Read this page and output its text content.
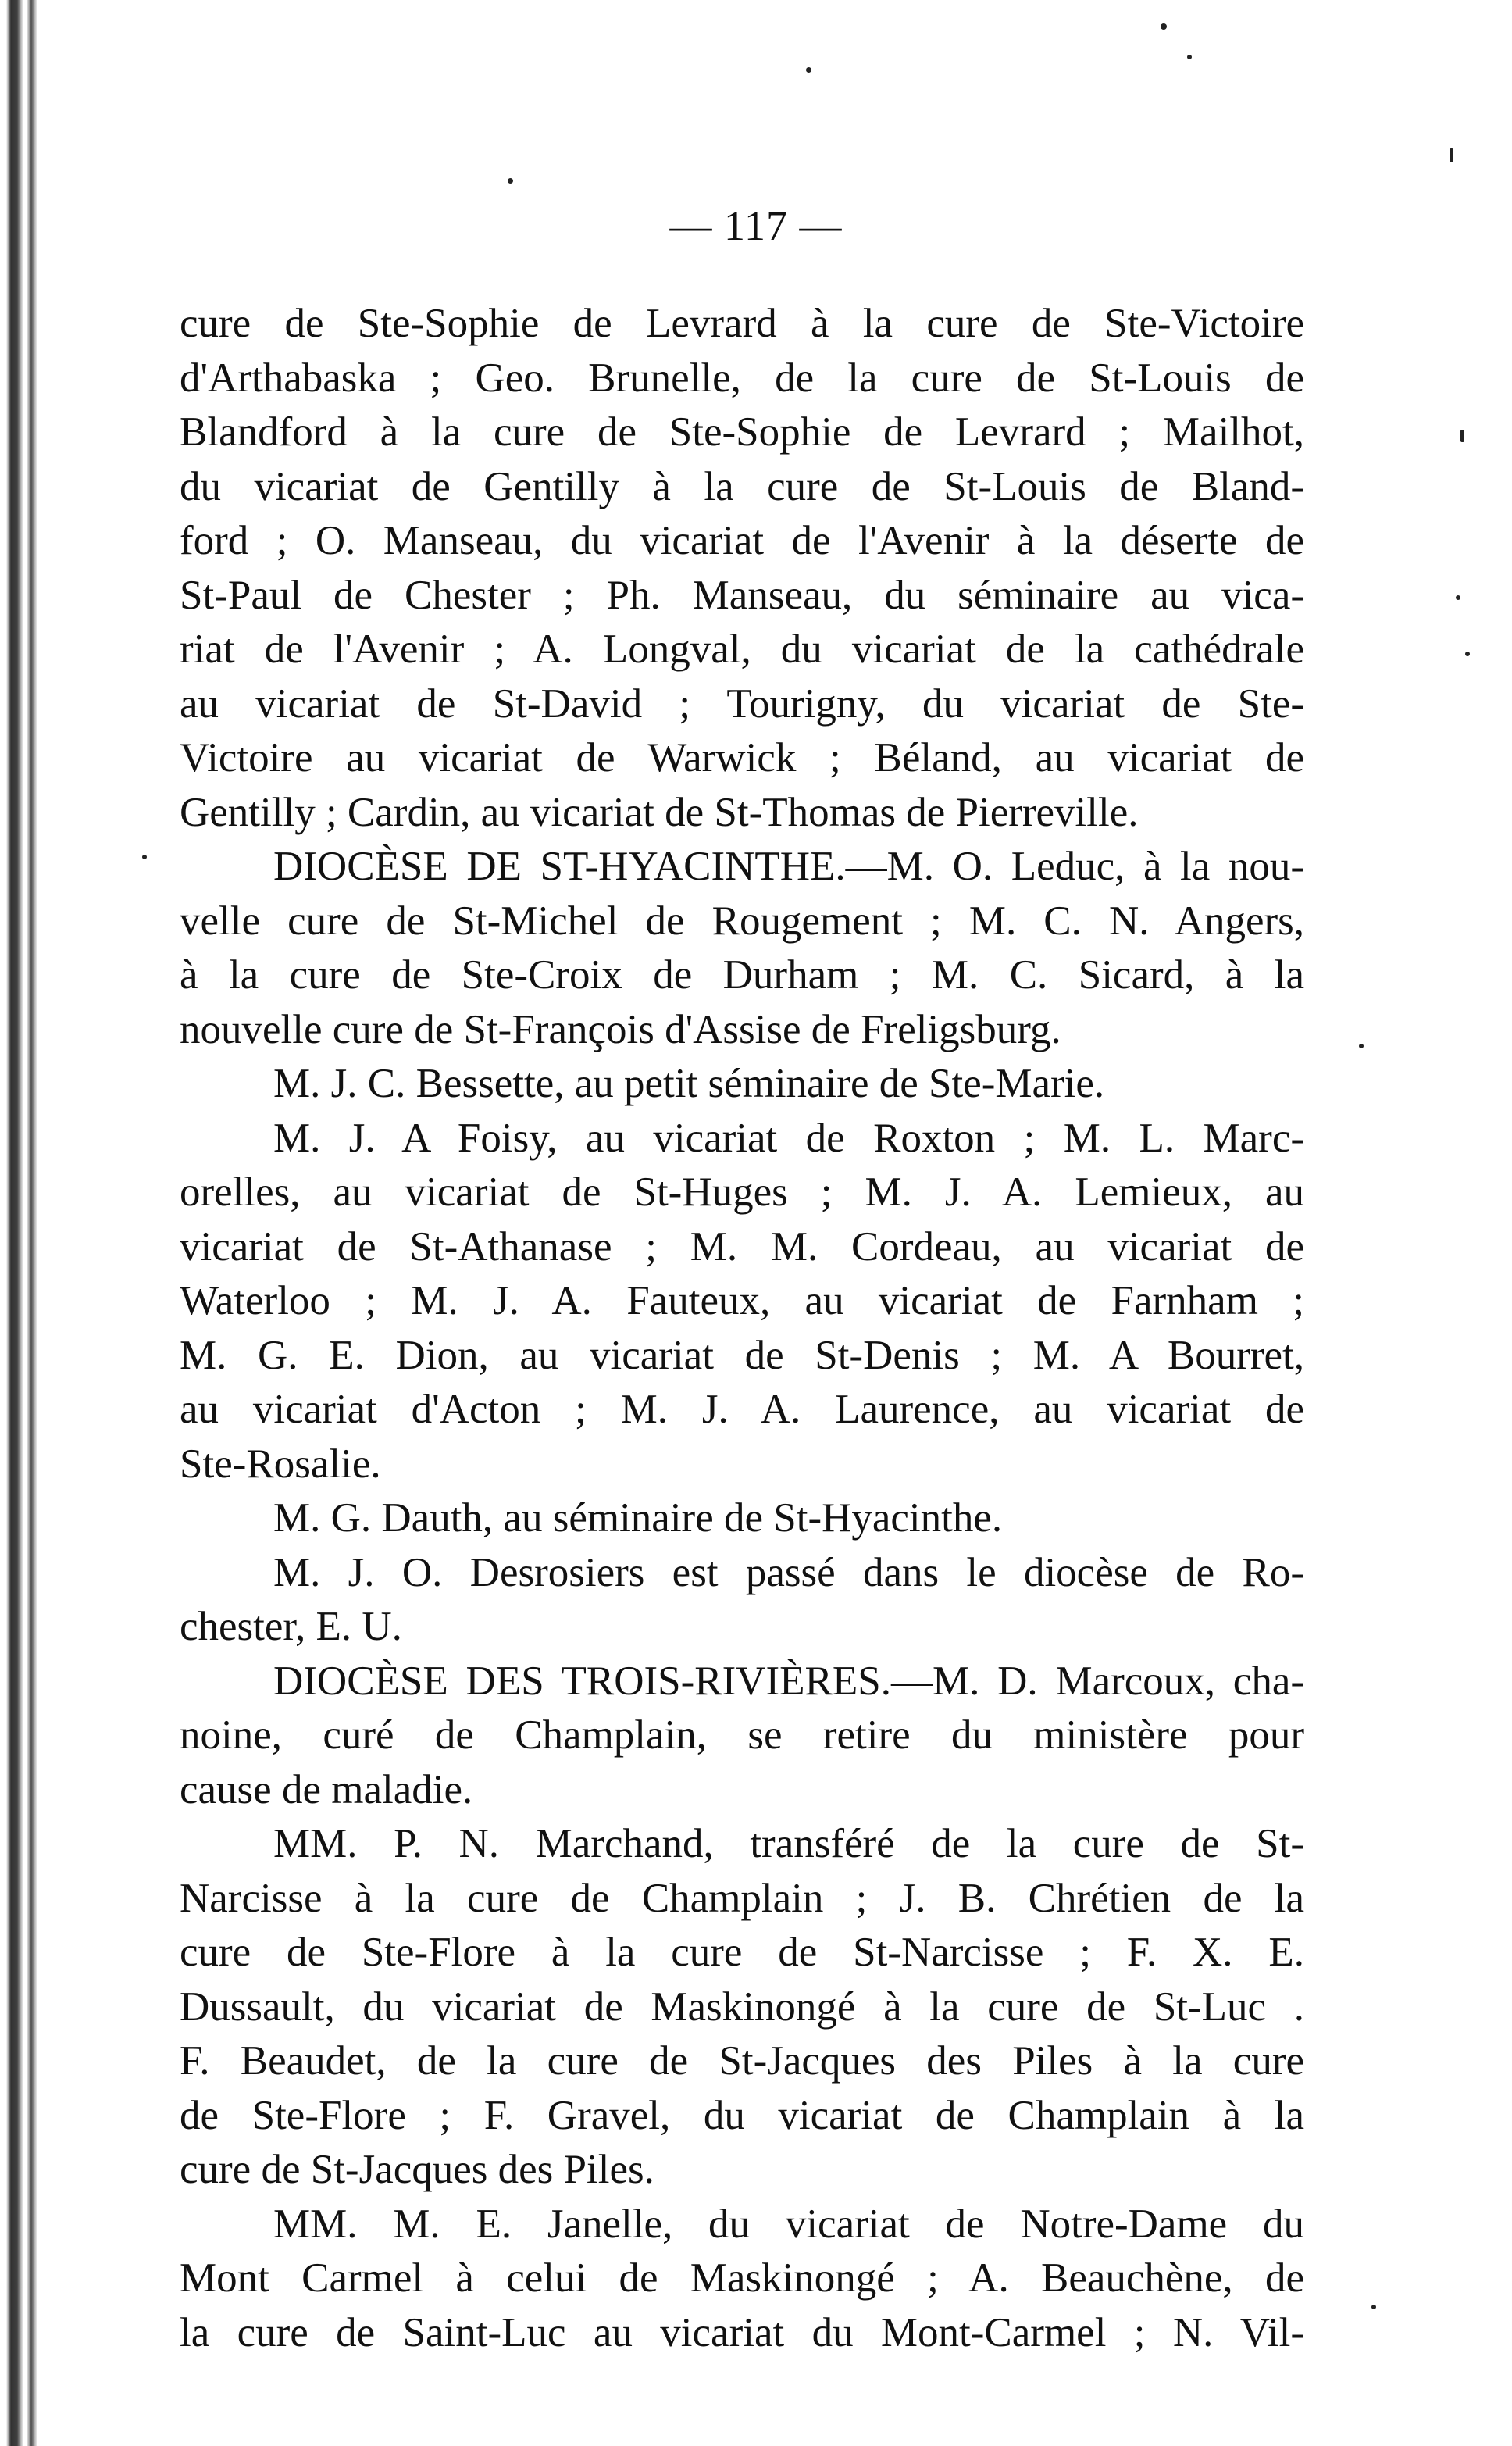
— 117 —
cure de Ste-Sophie de Levrard à la cure de Ste-Victoire
d'Arthabaska ; Geo. Brunelle, de la cure de St-Louis de
Blandford à la cure de Ste-Sophie de Levrard ; Mailhot,
du vicariat de Gentilly à la cure de St-Louis de Bland-
ford ; O. Manseau, du vicariat de l'Avenir à la déserte de
St-Paul de Chester ; Ph. Manseau, du séminaire au vica-
riat de l'Avenir ; A. Longval, du vicariat de la cathédrale
au vicariat de St-David ; Tourigny, du vicariat de Ste-
Victoire au vicariat de Warwick ; Béland, au vicariat de
Gentilly ; Cardin, au vicariat de St-Thomas de Pierreville.
DIOCÈSE DE ST-HYACINTHE.—M. O. Leduc, à la nou-
velle cure de St-Michel de Rougement ; M. C. N. Angers,
à la cure de Ste-Croix de Durham ; M. C. Sicard, à la
nouvelle cure de St-François d'Assise de Freligsburg.
M. J. C. Bessette, au petit séminaire de Ste-Marie.
M. J. A Foisy, au vicariat de Roxton ; M. L. Marc-
orelles, au vicariat de St-Huges ; M. J. A. Lemieux, au
vicariat de St-Athanase ; M. M. Cordeau, au vicariat de
Waterloo ; M. J. A. Fauteux, au vicariat de Farnham ;
M. G. E. Dion, au vicariat de St-Denis ; M. A Bourret,
au vicariat d'Acton ; M. J. A. Laurence, au vicariat de
Ste-Rosalie.
M. G. Dauth, au séminaire de St-Hyacinthe.
M. J. O. Desrosiers est passé dans le diocèse de Ro-
chester, E. U.
DIOCÈSE DES TROIS-RIVIÈRES.—M. D. Marcoux, cha-
noine, curé de Champlain, se retire du ministère pour
cause de maladie.
MM. P. N. Marchand, transféré de la cure de St-
Narcisse à la cure de Champlain ; J. B. Chrétien de la
cure de Ste-Flore à la cure de St-Narcisse ; F. X. E.
Dussault, du vicariat de Maskinongé à la cure de St-Luc .
F. Beaudet, de la cure de St-Jacques des Piles à la cure
de Ste-Flore ; F. Gravel, du vicariat de Champlain à la
cure de St-Jacques des Piles.
MM. M. E. Janelle, du vicariat de Notre-Dame du
Mont Carmel à celui de Maskinongé ; A. Beauchène, de
la cure de Saint-Luc au vicariat du Mont-Carmel ; N. Vil-
